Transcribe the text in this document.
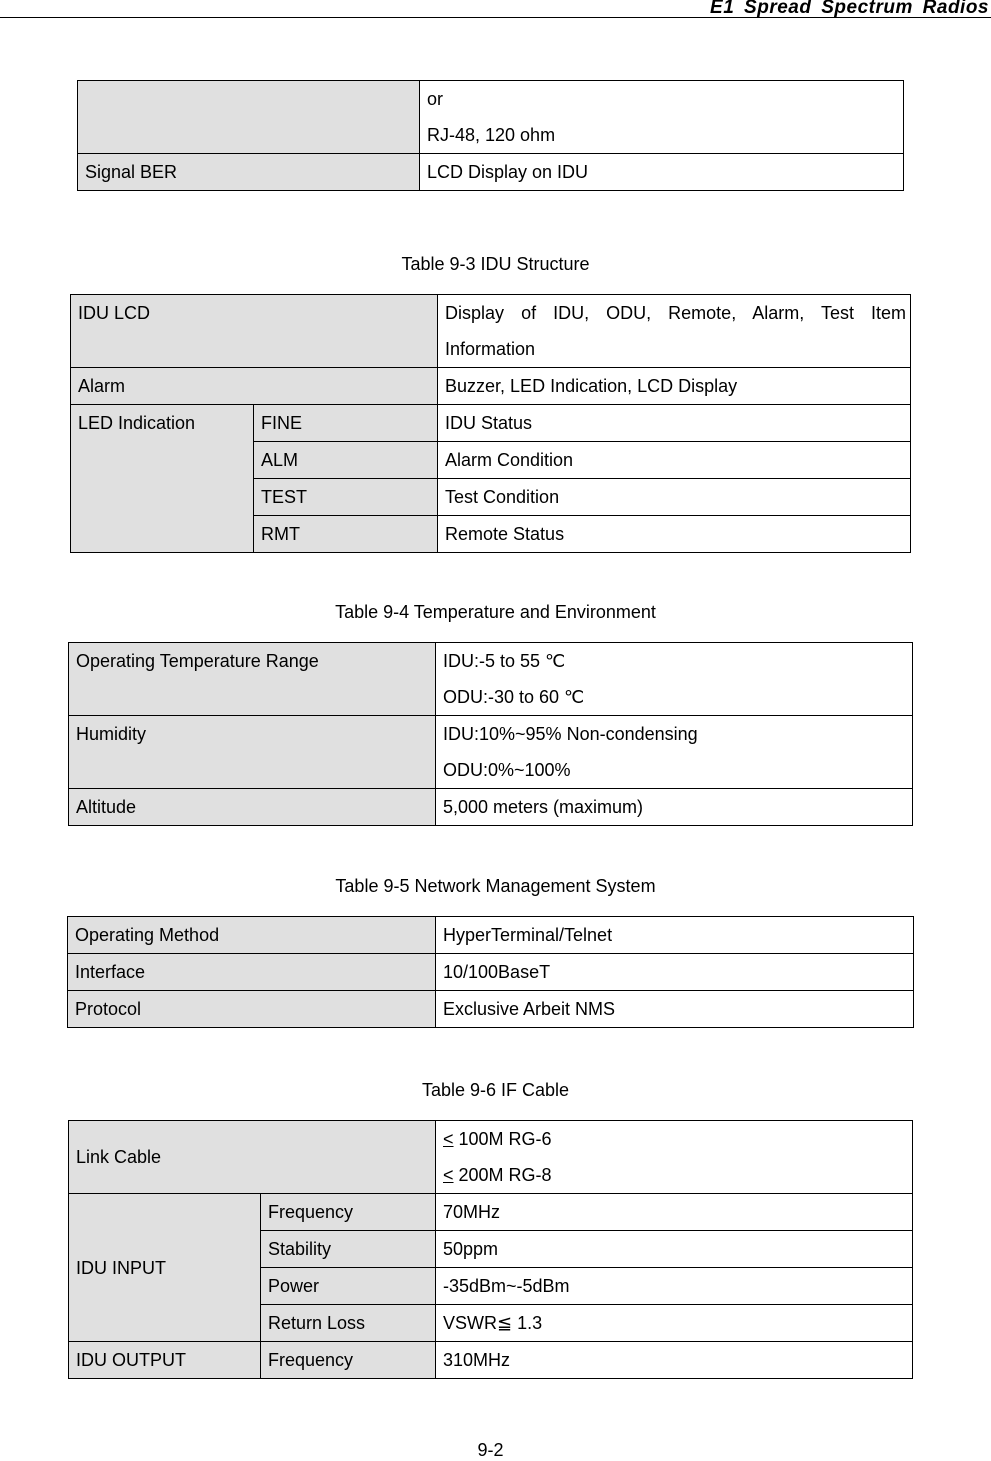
E1 Spread Spectrum Radios

	or
RJ-48, 120 ohm

Signal BER	LCD Display on IDU
Table 9-3 IDU Structure
IDU LCD		Display of IDU, ODU, Remote, Alarm, Test Item
Information

Alarm		Buzzer, LED Indication, LCD Display
LED Indication	FINE	IDU Status
	ALM	Alarm Condition
	TEST	Test Condition
	RMT	Remote Status
Table 9-4 Temperature and Environment
Operating Temperature Range	IDU:-5 to 55 ℃
ODU:-30 to 60 ℃

Humidity	IDU:10%~95% Non-condensing
ODU:0%~100%

Altitude	5,000 meters (maximum)
Table 9-5 Network Management System
Operating Method	HyperTerminal/Telnet
Interface	10/100BaseT
Protocol	Exclusive Arbeit NMS
Table 9-6 IF Cable
Link Cable		< 100M RG-6
< 200M RG-8

IDU INPUT	Frequency	70MHz
	Stability	50ppm
	Power	-35dBm~-5dBm
	Return Loss	VSWR≦ 1.3
IDU OUTPUT	Frequency	310MHz
9-2
